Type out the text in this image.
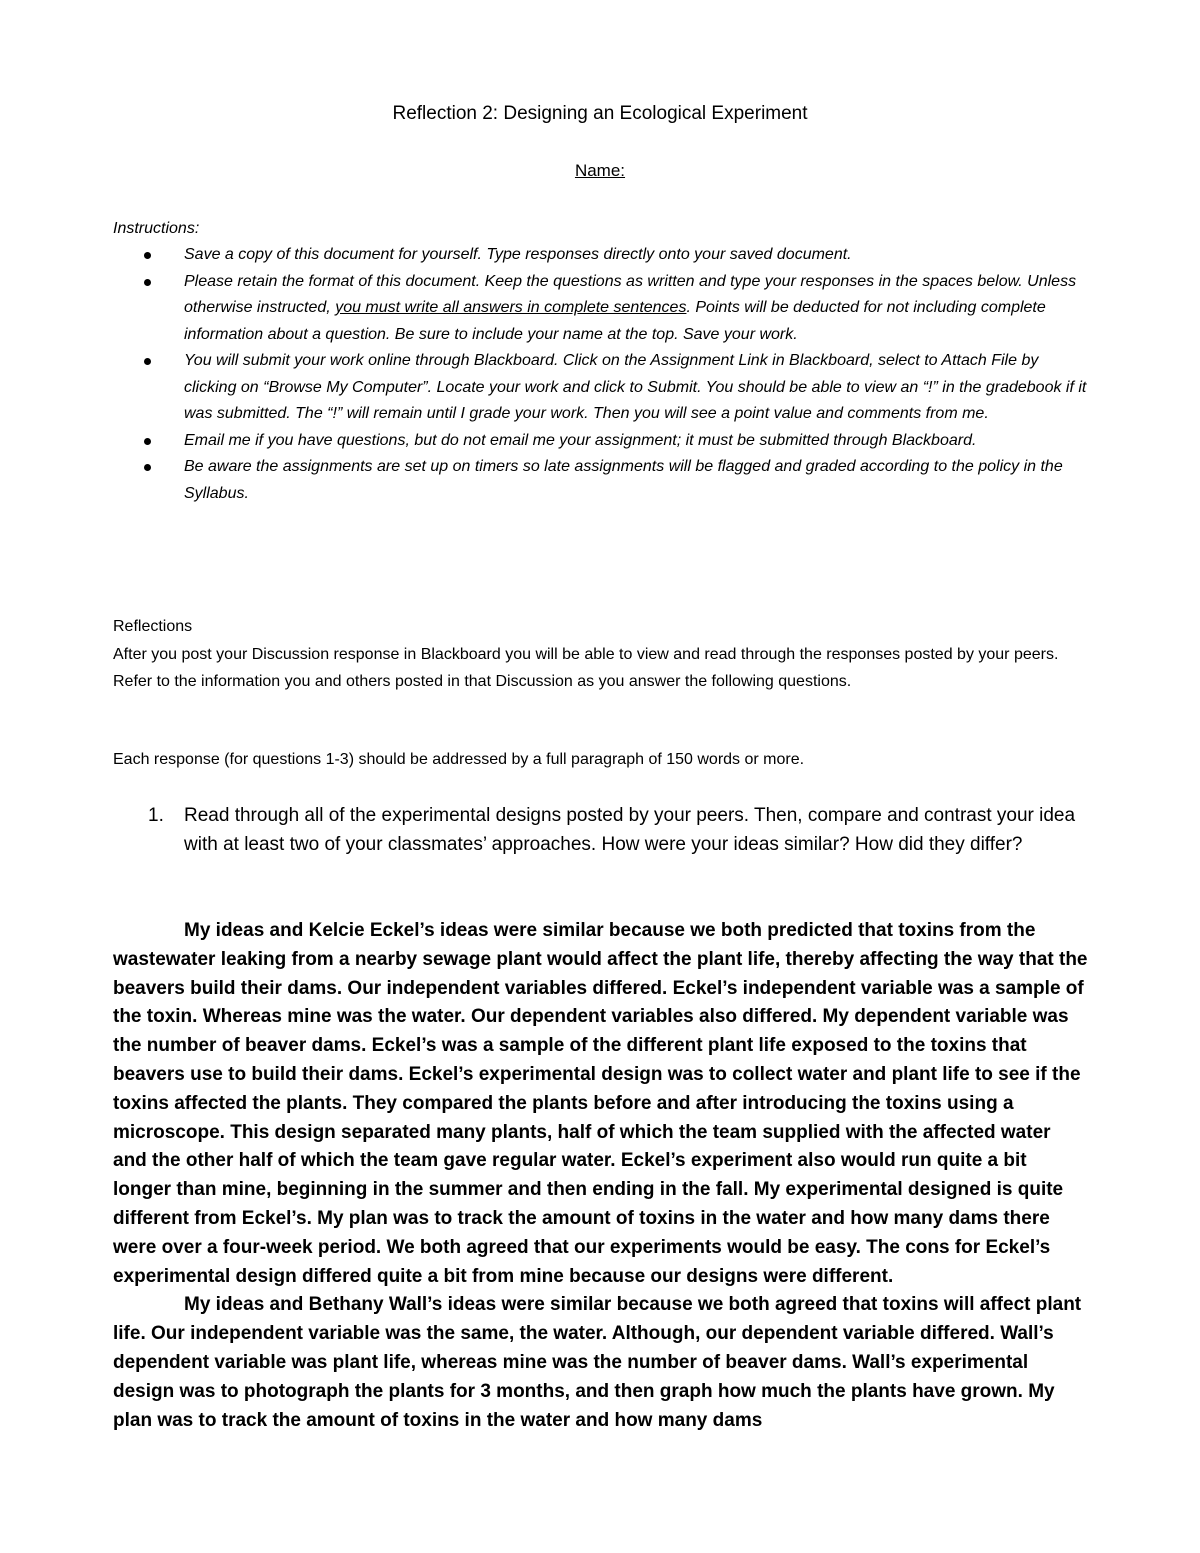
Reflection 2: Designing an Ecological Experiment
Name:
Instructions:
Save a copy of this document for yourself. Type responses directly onto your saved document.
Please retain the format of this document. Keep the questions as written and type your responses in the spaces below. Unless otherwise instructed, you must write all answers in complete sentences. Points will be deducted for not including complete information about a question. Be sure to include your name at the top. Save your work.
You will submit your work online through Blackboard. Click on the Assignment Link in Blackboard, select to Attach File by clicking on “Browse My Computer”. Locate your work and click to Submit. You should be able to view an “!” in the gradebook if it was submitted. The “!” will remain until I grade your work. Then you will see a point value and comments from me.
Email me if you have questions, but do not email me your assignment; it must be submitted through Blackboard.
Be aware the assignments are set up on timers so late assignments will be flagged and graded according to the policy in the Syllabus.
Reflections

After you post your Discussion response in Blackboard you will be able to view and read through the responses posted by your peers. Refer to the information you and others posted in that Discussion as you answer the following questions.

Each response (for questions 1-3) should be addressed by a full paragraph of 150 words or more.

1. Read through all of the experimental designs posted by your peers. Then, compare and contrast your idea with at least two of your classmates’ approaches. How were your ideas similar? How did they differ?

My ideas and Kelcie Eckel’s ideas were similar because we both predicted that toxins from the wastewater leaking from a nearby sewage plant would affect the plant life, thereby affecting the way that the beavers build their dams. Our independent variables differed. Eckel’s independent variable was a sample of the toxin. Whereas mine was the water. Our dependent variables also differed. My dependent variable was the number of beaver dams. Eckel’s was a sample of the different plant life exposed to the toxins that beavers use to build their dams. Eckel’s experimental design was to collect water and plant life to see if the toxins affected the plants. They compared the plants before and after introducing the toxins using a microscope. This design separated many plants, half of which the team supplied with the affected water and the other half of which the team gave regular water. Eckel’s experiment also would run quite a bit longer than mine, beginning in the summer and then ending in the fall. My experimental designed is quite different from Eckel’s. My plan was to track the amount of toxins in the water and how many dams there were over a four-week period. We both agreed that our experiments would be easy. The cons for Eckel’s experimental design differed quite a bit from mine because our designs were different.

My ideas and Bethany Wall’s ideas were similar because we both agreed that toxins will affect plant life. Our independent variable was the same, the water. Although, our dependent variable differed. Wall’s dependent variable was plant life, whereas mine was the number of beaver dams. Wall’s experimental design was to photograph the plants for 3 months, and then graph how much the plants have grown. My plan was to track the amount of toxins in the water and how many dams
